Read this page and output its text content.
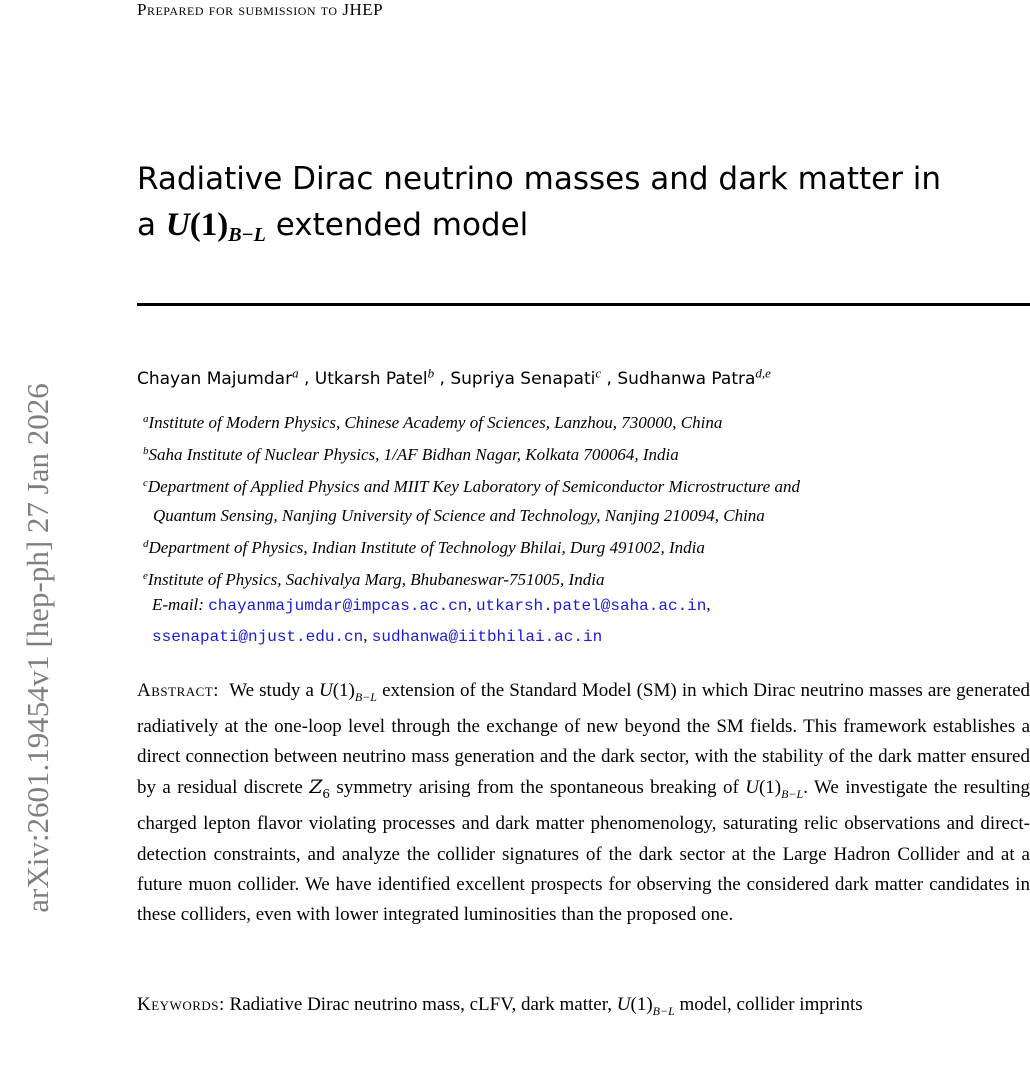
arXiv:2601.19454v1 [hep-ph] 27 Jan 2026
Prepared for submission to JHEP
Radiative Dirac neutrino masses and dark matter in
a $U(1)_{B-L}$ extended model
Chayan Majumdar$^a$ , Utkarsh Patel$^b$ , Supriya Senapati$^c$ , Sudhanwa Patra$^{d,e}$

$^a$Institute of Modern Physics, Chinese Academy of Sciences, Lanzhou, 730000, China

$^b$Saha Institute of Nuclear Physics, 1/AF Bidhan Nagar, Kolkata 700064, India

$^c$Department of Applied Physics and MIIT Key Laboratory of Semiconductor Microstructure and
Quantum Sensing, Nanjing University of Science and Technology, Nanjing 210094, China

$^d$Department of Physics, Indian Institute of Technology Bhilai, Durg 491002, India

$^e$Institute of Physics, Sachivalya Marg, Bhubaneswar-751005, India

E-mail: chayanmajumdar@impcas.ac.cn, utkarsh.patel@saha.ac.in,
ssenapati@njust.edu.cn, sudhanwa@iitbhilai.ac.in

Abstract: We study a $U(1)_{B-L}$ extension of the Standard Model (SM) in which Dirac neutrino masses are generated radiatively at the one-loop level through the exchange of new beyond the SM fields. This framework establishes a direct connection between neutrino mass generation and the dark sector, with the stability of the dark matter ensured by a residual discrete $Z_6$ symmetry arising from the spontaneous breaking of $U(1)_{B-L}$. We investigate the resulting charged lepton flavor violating processes and dark matter phenomenology, saturating relic observations and direct-detection constraints, and analyze the collider signatures of the dark sector at the Large Hadron Collider and at a future muon collider. We have identified excellent prospects for observing the considered dark matter candidates in these colliders, even with lower integrated luminosities than the proposed one.

Keywords: Radiative Dirac neutrino mass, cLFV, dark matter, $U(1)_{B-L}$ model, collider imprints
